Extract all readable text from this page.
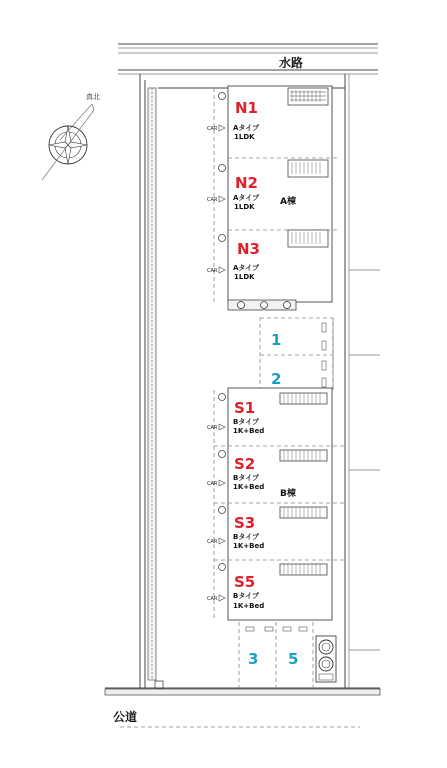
水路
公道
真北
A棟
N1
Aタイプ
1LDK
CAR
N2
Aタイプ
1LDK
CAR
N3
Aタイプ
1LDK
CAR
1
2
B棟
S1
Bタイプ
1K+Bed
CAR
S2
Bタイプ
1K+Bed
CAR
S3
Bタイプ
1K+Bed
CAR
S5
Bタイプ
1K+Bed
CAR
3 5
